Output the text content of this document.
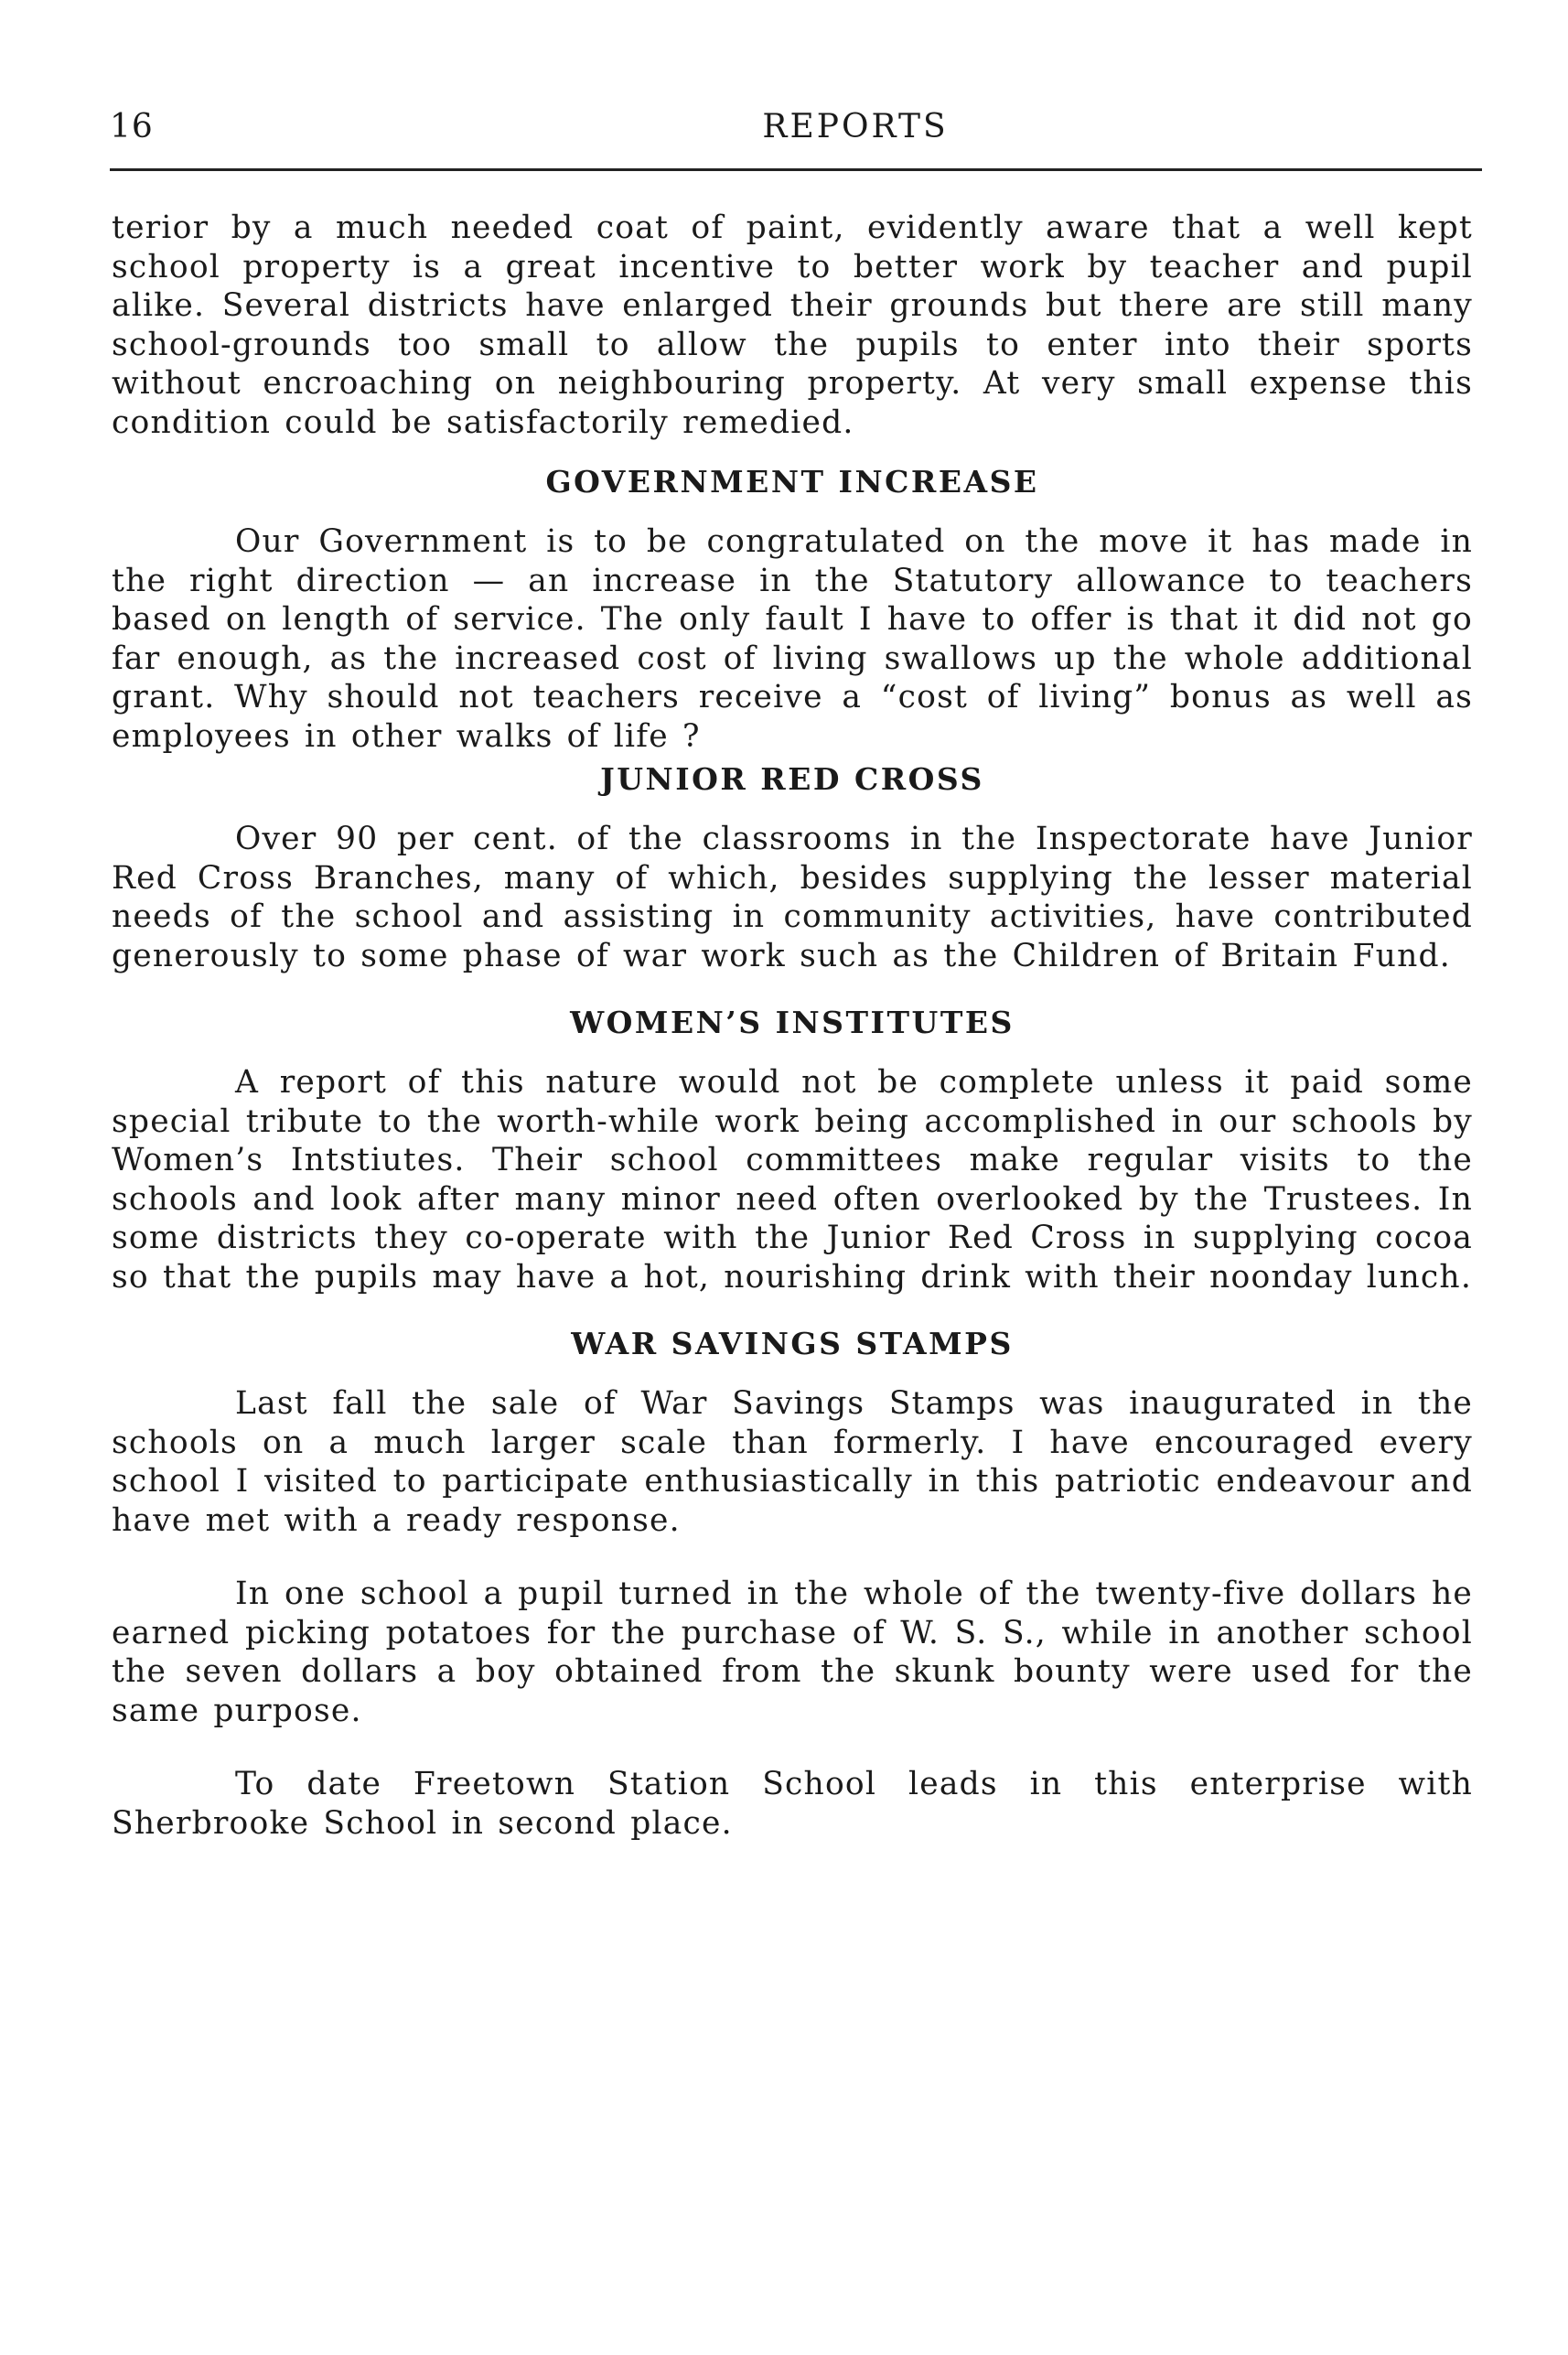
16	REPORTS

terior by a much needed coat of paint, evidently aware that a well kept school property is a great incentive to better work by teacher and pupil alike. Several districts have enlarged their grounds but there are still many school-grounds too small to allow the pupils to enter into their sports without encroaching on neighbouring property. At very small expense this condition could be satisfactorily remedied.

GOVERNMENT INCREASE

Our Government is to be congratulated on the move it has made in the right direction — an increase in the Statutory allowance to teachers based on length of service. The only fault I have to offer is that it did not go far enough, as the increased cost of living swallows up the whole additional grant. Why should not teachers receive a “cost of living” bonus as well as employees in other walks of life ?

JUNIOR RED CROSS

Over 90 per cent. of the classrooms in the Inspectorate have Junior Red Cross Branches, many of which, besides supplying the lesser material needs of the school and assisting in community activities, have contributed generously to some phase of war work such as the Children of Britain Fund.

WOMEN’S INSTITUTES

A report of this nature would not be complete unless it paid some special tribute to the worth-while work being accomplished in our schools by Women’s Intstiutes. Their school committees make regular visits to the schools and look after many minor need often overlooked by the Trustees. In some districts they co-operate with the Junior Red Cross in supplying cocoa so that the pupils may have a hot, nourishing drink with their noonday lunch.

WAR SAVINGS STAMPS

Last fall the sale of War Savings Stamps was inaugurated in the schools on a much larger scale than formerly. I have encouraged every school I visited to participate enthusiastically in this patriotic endeavour and have met with a ready response.

In one school a pupil turned in the whole of the twenty-five dollars he earned picking potatoes for the purchase of W. S. S., while in another school the seven dollars a boy obtained from the skunk bounty were used for the same purpose.

To date Freetown Station School leads in this enterprise with Sherbrooke School in second place.
